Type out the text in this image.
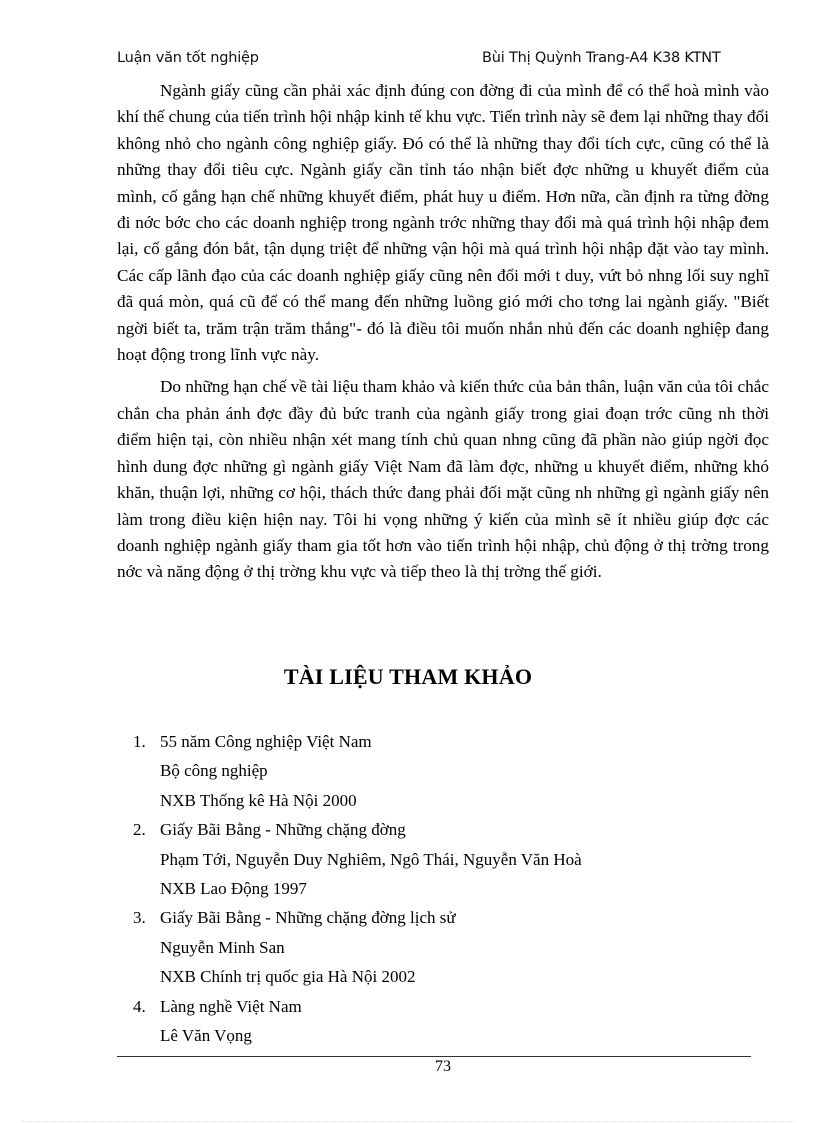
Luận văn tốt nghiệp	Bùi Thị Quỳnh Trang-A4 K38 KTNT

Ngành giấy cũng cần phải xác định đúng con đờng đi của mình để có thể hoà mình vào khí thế chung của tiến trình hội nhập kinh tế khu vực. Tiến trình này sẽ đem lại những thay đổi không nhỏ cho ngành công nghiệp giấy. Đó có thể là những thay đổi tích cực, cũng có thể là những thay đổi tiêu cực. Ngành giấy cần tỉnh táo nhận biết đợc những u khuyết điểm của mình, cố gắng hạn chế những khuyết điểm, phát huy u điểm. Hơn nữa, cần định ra từng đờng đi nớc bớc cho các doanh nghiệp trong ngành trớc những thay đổi mà quá trình hội nhập đem lại, cố gắng đón bắt, tận dụng triệt để những vận hội mà quá trình hội nhập đặt vào tay mình. Các cấp lãnh đạo của các doanh nghiệp giấy cũng nên đổi mới t duy, vứt bỏ nhng lối suy nghĩ đã quá mòn, quá cũ để có thể mang đến những luồng gió mới cho tơng lai ngành giấy. "Biết ngời biết ta, trăm trận trăm thắng"- đó là điều tôi muốn nhắn nhủ đến các doanh nghiệp đang hoạt động trong lĩnh vực này.

Do những hạn chế về tài liệu tham khảo và kiến thức của bản thân, luận văn của tôi chắc chắn cha phản ánh đợc đầy đủ bức tranh của ngành giấy trong giai đoạn trớc cũng nh thời điểm hiện tại, còn nhiều nhận xét mang tính chủ quan nhng cũng đã phần nào giúp ngời đọc hình dung đợc những gì ngành giấy Việt Nam đã làm đợc, những u khuyết điểm, những khó khăn, thuận lợi, những cơ hội, thách thức đang phải đối mặt cũng nh những gì ngành giấy nên làm trong điều kiện hiện nay. Tôi hi vọng những ý kiến của mình sẽ ít nhiều giúp đợc các doanh nghiệp ngành giấy tham gia tốt hơn vào tiến trình hội nhập, chủ động ở thị trờng trong nớc và năng động ở thị trờng khu vực và tiếp theo là thị trờng thế giới.

TÀI LIỆU THAM KHẢO
1. 55 năm Công nghiệp Việt Nam
Bộ công nghiệp
NXB Thống kê Hà Nội 2000
2. Giấy Bãi Bằng - Những chặng đờng
Phạm Tới, Nguyễn Duy Nghiêm, Ngô Thái, Nguyễn Văn Hoà
NXB Lao Động 1997
3. Giấy Bãi Bằng - Những chặng đờng lịch sử
Nguyễn Minh San
NXB Chính trị quốc gia Hà Nội 2002
4. Làng nghề Việt Nam
Lê Văn Vọng
73
